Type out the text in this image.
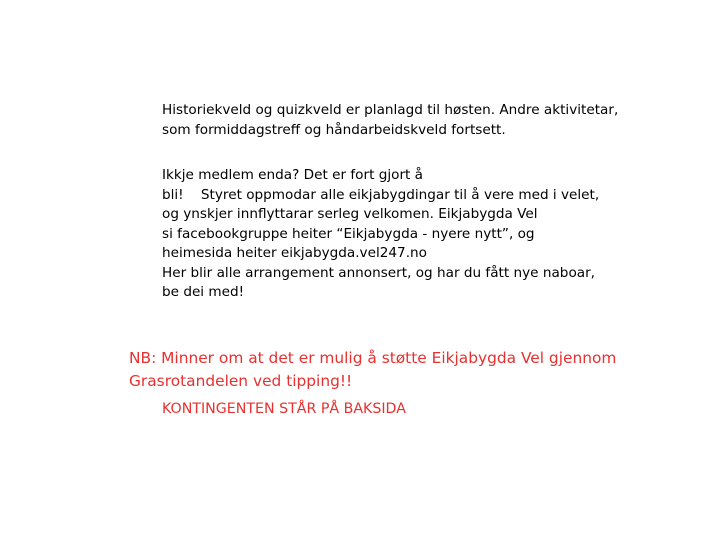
Historiekveld og quizkveld er planlagd til høsten. Andre aktivitetar,
som formiddagstreff og håndarbeidskveld fortsett.

Ikkje medlem enda? Det er fort gjort å
bli!    Styret oppmodar alle eikjabygdingar til å vere med i velet,
og ynskjer innflyttarar serleg velkomen. Eikjabygda Vel
si facebookgruppe heiter “Eikjabygda - nyere nytt”, og
heimesida heiter eikjabygda.vel247.no
Her blir alle arrangement annonsert, og har du fått nye naboar,
be dei med!

NB: Minner om at det er mulig å støtte Eikjabygda Vel gjennom
Grasrotandelen ved tipping!!

KONTINGENTEN STÅR PÅ BAKSIDA
